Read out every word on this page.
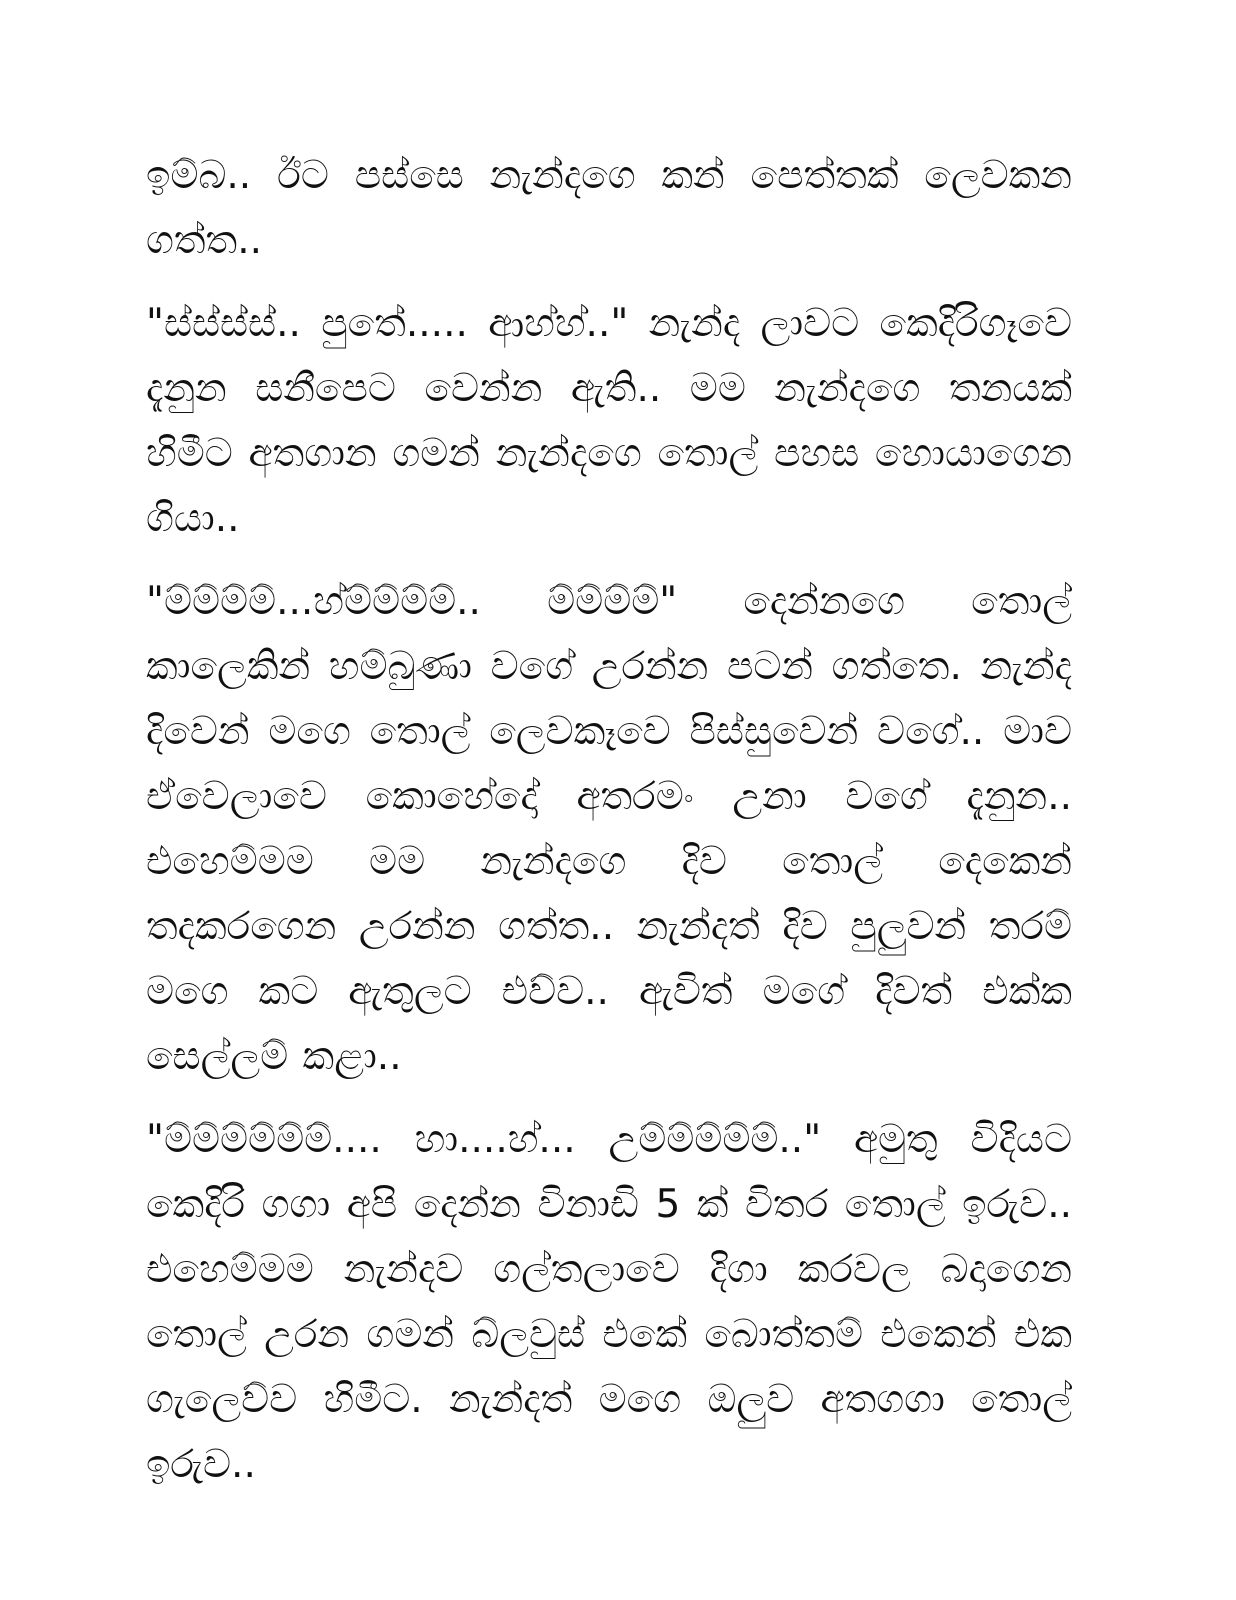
ඉම්බ.. ඊට පස්සෙ නැන්දගෙ කන් පෙත්තක් ලෙවකන ගත්ත..

"ස්ස්ස්ස්.. පුතේ..... ආහ්හ්.." නැන්ද ලාවට කෙදිරිගෑවෙ දැනුන සනීපෙට වෙන්න ඇති.. මම නැන්දගෙ තනයක් හිමීට අතගාන ගමන් නැන්දගෙ තොල් පහස හොයාගෙන ගියා..

"ම්ම්ම්ම්...හ්ම්ම්ම්ම්.. ම්ම්ම්ම්" දෙන්නගෙ තොල් කාලෙකින් හම්බුණා වගේ උරන්න පටන් ගත්තෙ. නැන්ද දිවෙන් මගෙ තොල් ලෙවකෑවෙ පිස්සුවෙන් වගේ.. මාව ඒවෙලාවෙ කොහේදෝ අතරමං උනා වගේ දැනුන.. එහෙම්මම මම නැන්දගෙ දිව තොල් දෙකෙන් තදකරගෙන උරන්න ගත්ත.. නැන්දත් දිව පුලුවන් තරම් මගෙ කට ඇතුලට එව්ව.. ඇවිත් මගේ දිවත් එක්ක සෙල්ලම් කළා..

"ම්ම්ම්ම්ම්ම්.... හා....හ්... උම්ම්ම්ම්ම්.." අමුතු විදියට කෙදිරි ගගා අපි දෙන්න විනාඩි 5 ක් විතර තොල් ඉරුව.. එහෙම්මම නැන්දව ගල්තලාවෙ දිගා කරවල බදාගෙන තොල් උරන ගමන් බ්ලවුස් එකේ බොත්තම් එකෙන් එක ගැලෙව්ව හිමීට. නැන්දත් මගෙ ඔලුව අතගගා තොල් ඉරුව..
